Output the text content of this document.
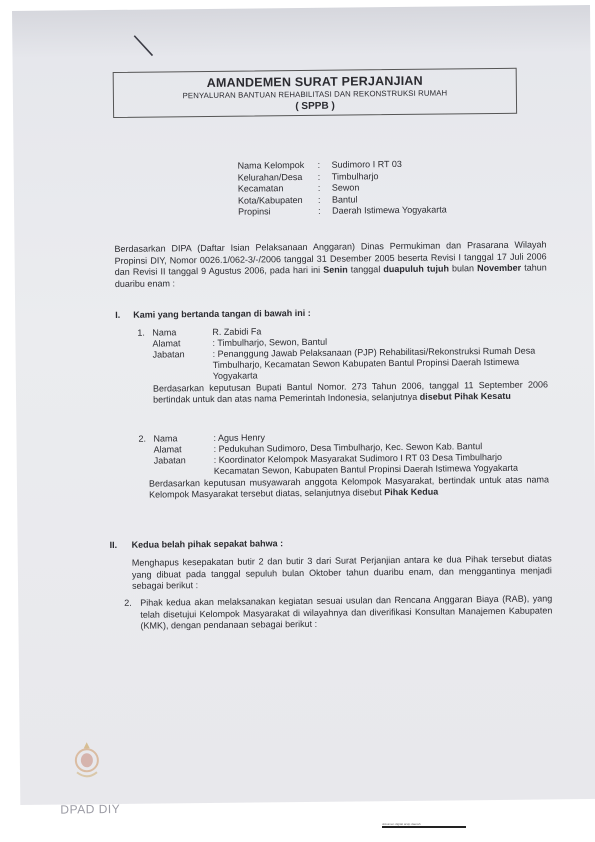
AMANDEMEN SURAT PERJANJIAN
PENYALURAN BANTUAN REHABILITASI DAN REKONSTRUKSI RUMAH
( SPPB )
Nama Kelompok	:	Sudimoro I RT 03
Kelurahan/Desa	:	Timbulharjo
Kecamatan	:	Sewon
Kota/Kabupaten	:	Bantul
Propinsi	:	Daerah Istimewa Yogyakarta
Berdasarkan DIPA (Daftar Isian Pelaksanaan Anggaran) Dinas Permukiman dan Prasarana Wilayah Propinsi DIY, Nomor 0026.1/062-3/-/2006 tanggal 31 Desember 2005 beserta Revisi I tanggal 17 Juli 2006 dan Revisi II tanggal 9 Agustus 2006, pada hari ini Senin tanggal duapuluh tujuh bulan November tahun duaribu enam :
I. Kami yang bertanda tangan di bawah ini :
1. Nama	R. Zabidi Fa
Alamat	: Timbulharjo, Sewon, Bantul
Jabatan	: Penanggung Jawab Pelaksanaan (PJP) Rehabilitasi/Rekonstruksi Rumah Desa Timbulharjo, Kecamatan Sewon Kabupaten Bantul Propinsi Daerah Istimewa Yogyakarta
Berdasarkan keputusan Bupati Bantul Nomor. 273 Tahun 2006, tanggal 11 September 2006 bertindak untuk dan atas nama Pemerintah Indonesia, selanjutnya disebut Pihak Kesatu
2. Nama	: Agus Henry
Alamat	: Pedukuhan Sudimoro, Desa Timbulharjo, Kec. Sewon Kab. Bantul
Jabatan	: Koordinator Kelompok Masyarakat Sudimoro I RT 03 Desa Timbulharjo Kecamatan Sewon, Kabupaten Bantul Propinsi Daerah Istimewa Yogyakarta
Berdasarkan keputusan musyawarah anggota Kelompok Masyarakat, bertindak untuk atas nama Kelompok Masyarakat tersebut diatas, selanjutnya disebut Pihak Kedua
II. Kedua belah pihak sepakat bahwa :
Menghapus kesepakatan butir 2 dan butir 3 dari Surat Perjanjian antara ke dua Pihak tersebut diatas yang dibuat pada tanggal sepuluh bulan Oktober tahun duaribu enam, dan menggantinya menjadi sebagai berikut :
2. Pihak kedua akan melaksanakan kegiatan sesuai usulan dan Rencana Anggaran Biaya (RAB), yang telah disetujui Kelompok Masyarakat di wilayahnya dan diverifikasi Konsultan Manajemen Kabupaten (KMK), dengan pendanaan sebagai berikut :
DPAD DIY
dokumen digital arsip daerah
